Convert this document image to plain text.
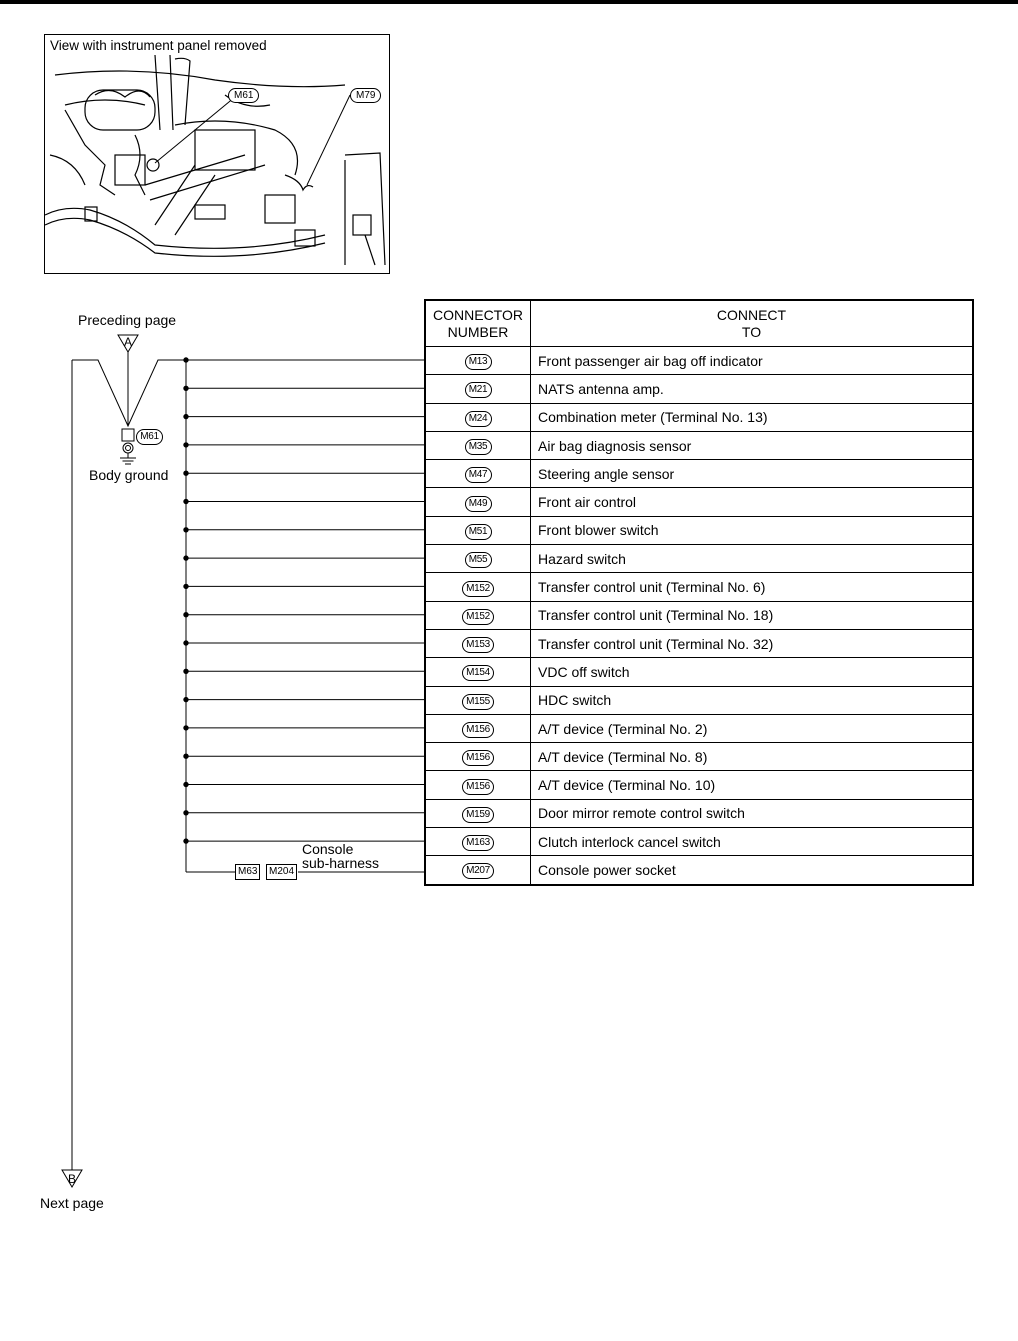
View with instrument panel removed
M61	M79
Preceding page
A
M61
Body ground
B
Next page
Console
sub-harness
M63	M204
CONNECTOR
NUMBER	CONNECT
TO
M13	Front passenger air bag off indicator
M21	NATS antenna amp.
M24	Combination meter (Terminal No. 13)
M35	Air bag diagnosis sensor
M47	Steering angle sensor
M49	Front air control
M51	Front blower switch
M55	Hazard switch
M152	Transfer control unit (Terminal No. 6)
M152	Transfer control unit (Terminal No. 18)
M153	Transfer control unit (Terminal No. 32)
M154	VDC off switch
M155	HDC switch
M156	A/T device (Terminal No. 2)
M156	A/T device (Terminal No. 8)
M156	A/T device (Terminal No. 10)
M159	Door mirror remote control switch
M163	Clutch interlock cancel switch
M207	Console power socket
